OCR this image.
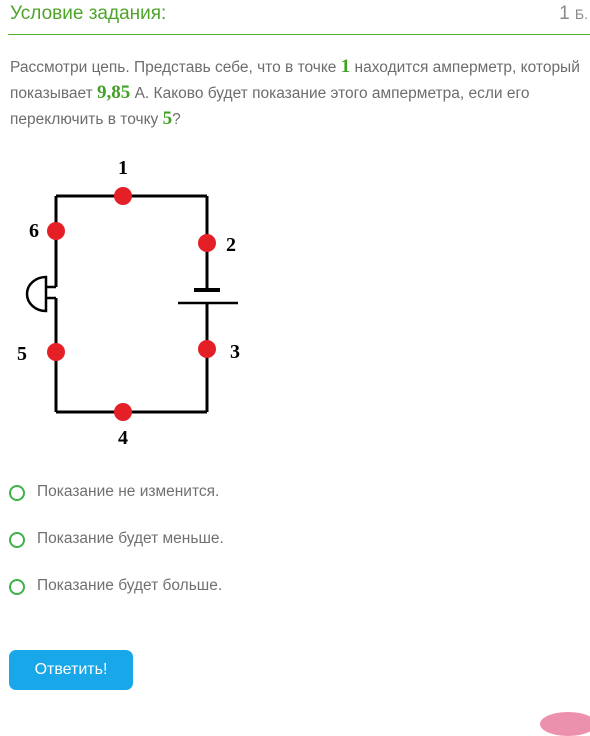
Условие задания:	1 Б.
Рассмотри цепь. Представь себе, что в точке 1 находится амперметр, который показывает 9,85 А. Каково будет показание этого амперметра, если его переключить в точку 5?
1
2
3
4
5
6
Показание не изменится.
Показание будет меньше.
Показание будет больше.
Ответить!
